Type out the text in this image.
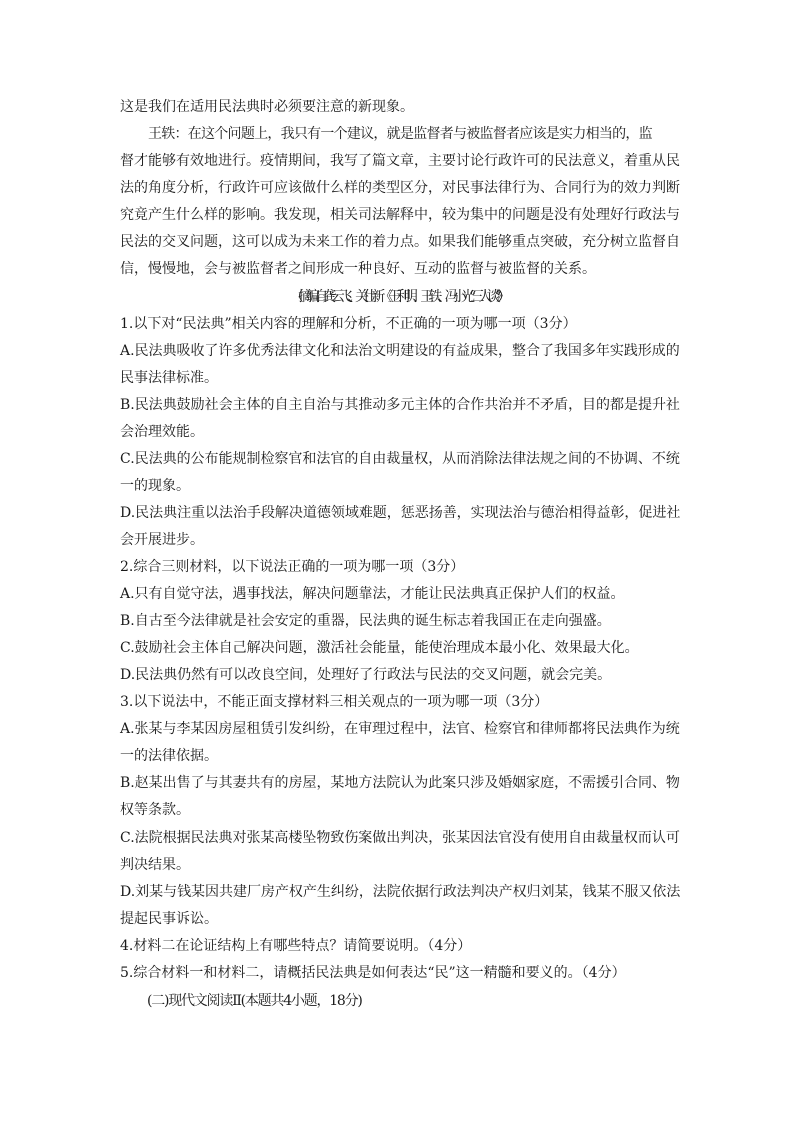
这是我们在适用民法典时必须要注意的新现象。
王轶：在这个问题上，我只有一个建议，就是监督者与被监督者应该是实力相当的，监
督才能够有效地进行。疫情期间，我写了篇文章，主要讨论行政许可的民法意义，着重从民
法的角度分析，行政许可应该做什么样的类型区分，对民事法律行为、合同行为的效力判断
究竟产生什么样的影响。我发现，相关司法解释中，较为集中的问题是没有处理好行政法与
民法的交叉问题，这可以成为未来工作的着力点。如果我们能够重点突破，充分树立监督自
信，慢慢地，会与被监督者之间形成一种良好、互动的监督与被监督的关系。
（摘编自龚云飞、关仕新《王利明、王轶、冯小光“三人谈”》）
1.以下对“民法典”相关内容的理解和分析，不正确的一项为哪一项（3分）
A.民法典吸收了许多优秀法律文化和法治文明建设的有益成果，整合了我国多年实践形成的
民事法律标准。
B.民法典鼓励社会主体的自主自治与其推动多元主体的合作共治并不矛盾，目的都是提升社
会治理效能。
C.民法典的公布能规制检察官和法官的自由裁量权，从而消除法律法规之间的不协调、不统
一的现象。
D.民法典注重以法治手段解决道德领域难题，惩恶扬善，实现法治与德治相得益彰，促进社
会开展进步。
2.综合三则材料，以下说法正确的一项为哪一项（3分）
A.只有自觉守法，遇事找法，解决问题靠法，才能让民法典真正保护人们的权益。
B.自古至今法律就是社会安定的重器，民法典的诞生标志着我国正在走向强盛。
C.鼓励社会主体自己解决问题，激活社会能量，能使治理成本最小化、效果最大化。
D.民法典仍然有可以改良空间，处理好了行政法与民法的交叉问题，就会完美。
3.以下说法中，不能正面支撑材料三相关观点的一项为哪一项（3分）
A.张某与李某因房屋租赁引发纠纷，在审理过程中，法官、检察官和律师都将民法典作为统
一的法律依据。
B.赵某出售了与其妻共有的房屋，某地方法院认为此案只涉及婚姻家庭，不需援引合同、物
权等条款。
C.法院根据民法典对张某高楼坠物致伤案做出判决，张某因法官没有使用自由裁量权而认可
判决结果。
D.刘某与钱某因共建厂房产权产生纠纷，法院依据行政法判决产权归刘某，钱某不服又依法
提起民事诉讼。
4.材料二在论证结构上有哪些特点？请简要说明。（4分）
5.综合材料一和材料二，请概括民法典是如何表达“民”这一精髓和要义的。（4分）
(二)现代文阅读II(本题共4小题，18分)
